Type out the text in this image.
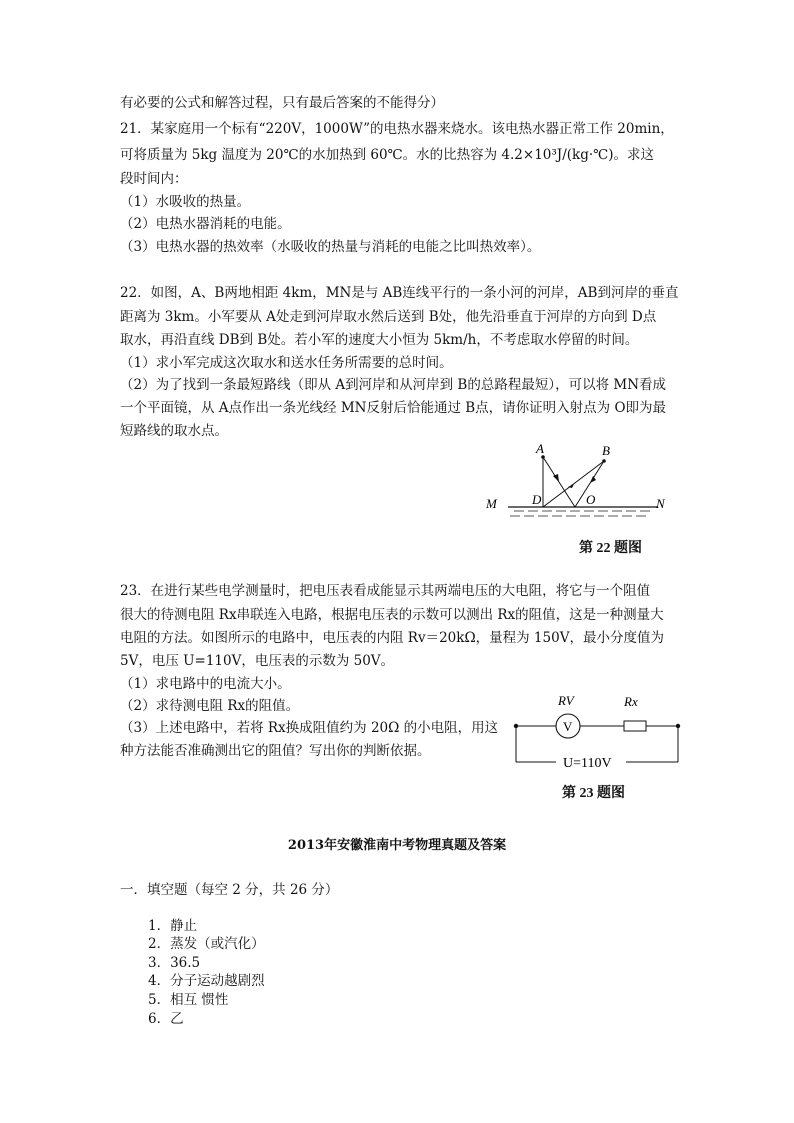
有必要的公式和解答过程，只有最后答案的不能得分）
21．某家庭用一个标有“220V，1000W”的电热水器来烧水。该电热水器正常工作 20min，
可将质量为 5kg 温度为 20℃的水加热到 60℃。水的比热容为 4.2×10³J/(kg·℃)。求这
段时间内：
（1）水吸收的热量。
（2）电热水器消耗的电能。
（3）电热水器的热效率（水吸收的热量与消耗的电能之比叫热效率）。
22．如图，A、B两地相距 4km，MN是与 AB连线平行的一条小河的河岸，AB到河岸的垂直
距离为 3km。小军要从 A处走到河岸取水然后送到 B处，他先沿垂直于河岸的方向到 D点
取水，再沿直线 DB到 B处。若小军的速度大小恒为 5km/h，不考虑取水停留的时间。
（1）求小军完成这次取水和送水任务所需要的总时间。
（2）为了找到一条最短路线（即从 A到河岸和从河岸到 B的总路程最短），可以将 MN看成
一个平面镜，从 A点作出一条光线经 MN反射后恰能通过 B点，请你证明入射点为 O即为最
短路线的取水点。
A	B
M	D	O	N
第 22 题图
23．在进行某些电学测量时，把电压表看成能显示其两端电压的大电阻，将它与一个阻值
很大的待测电阻 Rx串联连入电路，根据电压表的示数可以测出 Rx的阻值，这是一种测量大
电阻的方法。如图所示的电路中，电压表的内阻 Rv＝20kΩ，量程为 150V，最小分度值为
5V，电压 U=110V，电压表的示数为 50V。
（1）求电路中的电流大小。
（2）求待测电阻 Rx的阻值。
（3）上述电路中，若将 Rx换成阻值约为 20Ω 的小电阻，用这
种方法能否准确测出它的阻值？写出你的判断依据。
V
RV	Rx
U=110V
第 23 题图
2013年安徽淮南中考物理真题及答案
一．填空题（每空 2 分，共 26 分）
1．静止
2．蒸发（或汽化）
3．36.5
4．分子运动越剧烈
5．相互 惯性
6．乙
